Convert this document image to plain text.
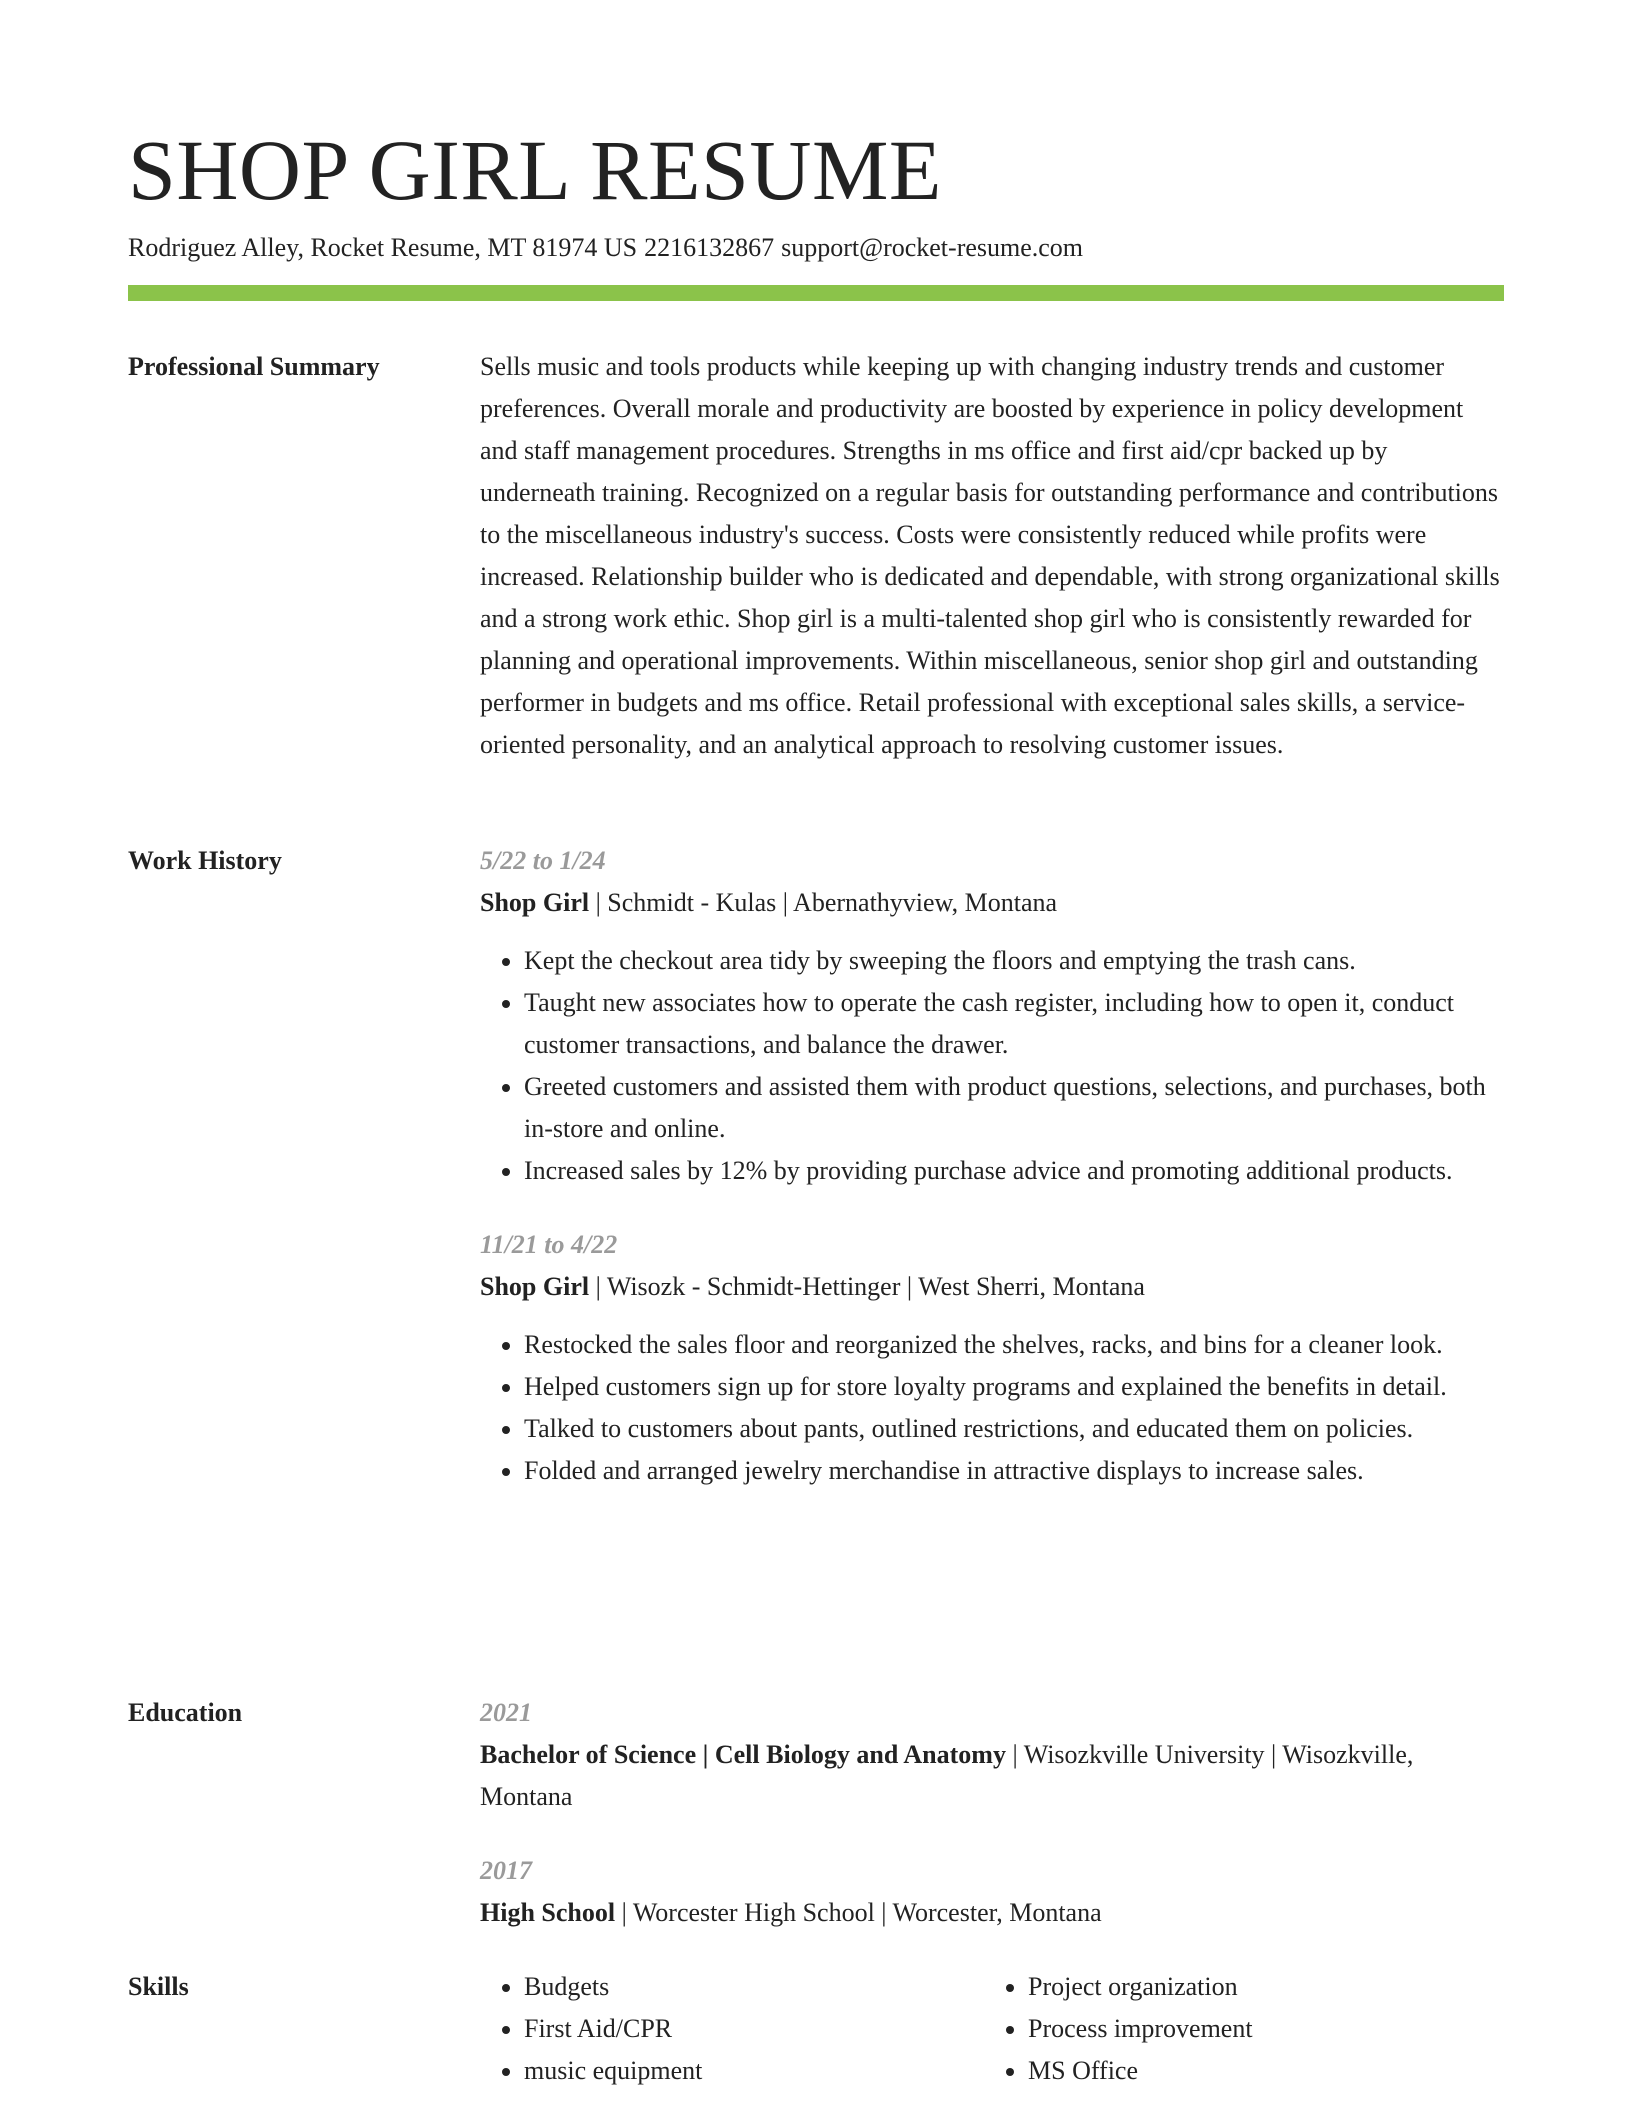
SHOP GIRL RESUME
Rodriguez Alley, Rocket Resume, MT 81974 US 2216132867 support@rocket-resume.com
Professional Summary	Sells music and tools products while keeping up with changing industry trends and customer preferences. Overall morale and productivity are boosted by experience in policy development and staff management procedures. Strengths in ms office and first aid/cpr backed up by underneath training. Recognized on a regular basis for outstanding performance and contributions to the miscellaneous industry's success. Costs were consistently reduced while profits were increased. Relationship builder who is dedicated and dependable, with strong organizational skills and a strong work ethic. Shop girl is a multi-talented shop girl who is consistently rewarded for planning and operational improvements. Within miscellaneous, senior shop girl and outstanding performer in budgets and ms office. Retail professional with exceptional sales skills, a service-oriented personality, and an analytical approach to resolving customer issues.

Work History	5/22 to 1/24

Shop Girl | Schmidt - Kulas | Abernathyview, Montana

• Kept the checkout area tidy by sweeping the floors and emptying the trash cans.
• Taught new associates how to operate the cash register, including how to open it, conduct customer transactions, and balance the drawer.
• Greeted customers and assisted them with product questions, selections, and purchases, both in-store and online.
• Increased sales by 12% by providing purchase advice and promoting additional products.

11/21 to 4/22

Shop Girl | Wisozk - Schmidt-Hettinger | West Sherri, Montana

• Restocked the sales floor and reorganized the shelves, racks, and bins for a cleaner look.
• Helped customers sign up for store loyalty programs and explained the benefits in detail.
• Talked to customers about pants, outlined restrictions, and educated them on policies.
• Folded and arranged jewelry merchandise in attractive displays to increase sales.
Education	2021

Bachelor of Science | Cell Biology and Anatomy | Wisozkville University | Wisozkville, Montana

2017

High School | Worcester High School | Worcester, Montana

Skills
•	Budgets
• First Aid/CPR
• music equipment
• Project organization
• Process improvement
• MS Office
